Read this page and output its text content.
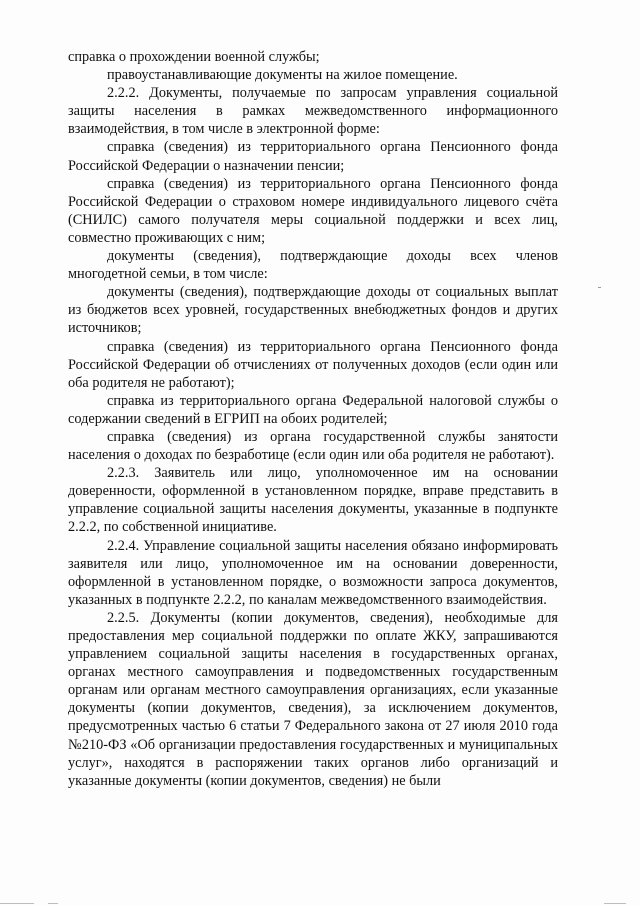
справка о прохождении военной службы;

правоустанавливающие документы на жилое помещение.

2.2.2. Документы, получаемые по запросам управления социальной защиты населения в рамках межведомственного информационного взаимодействия, в том числе в электронной форме:

справка (сведения) из территориального органа Пенсионного фонда Российской Федерации о назначении пенсии;

справка (сведения) из территориального органа Пенсионного фонда Российской Федерации о страховом номере индивидуального лицевого счёта (СНИЛС) самого получателя меры социальной поддержки и всех лиц, совместно проживающих с ним;

документы (сведения), подтверждающие доходы всех членов многодетной семьи, в том числе:

документы (сведения), подтверждающие доходы от социальных выплат из бюджетов всех уровней, государственных внебюджетных фондов и других источников;

справка (сведения) из территориального органа Пенсионного фонда Российской Федерации об отчислениях от полученных доходов (если один или оба родителя не работают);

справка из территориального органа Федеральной налоговой службы о содержании сведений в ЕГРИП на обоих родителей;

справка (сведения) из органа государственной службы занятости населения о доходах по безработице (если один или оба родителя не работают).

2.2.3. Заявитель или лицо, уполномоченное им на основании доверенности, оформленной в установленном порядке, вправе представить в управление социальной защиты населения документы, указанные в подпункте 2.2.2, по собственной инициативе.

2.2.4. Управление социальной защиты населения обязано информировать заявителя или лицо, уполномоченное им на основании доверенности, оформленной в установленном порядке, о возможности запроса документов, указанных в подпункте 2.2.2, по каналам межведомственного взаимодействия.

2.2.5. Документы (копии документов, сведения), необходимые для предоставления мер социальной поддержки по оплате ЖКУ, запрашиваются управлением социальной защиты населения в государственных органах, органах местного самоуправления и подведомственных государственным органам или органам местного самоуправления организациях, если указанные документы (копии документов, сведения), за исключением документов, предусмотренных частью 6 статьи 7 Федерального закона от 27 июля 2010 года №210-ФЗ «Об организации предоставления государственных и муниципальных услуг», находятся в распоряжении таких органов либо организаций и указанные документы (копии документов, сведения) не были
